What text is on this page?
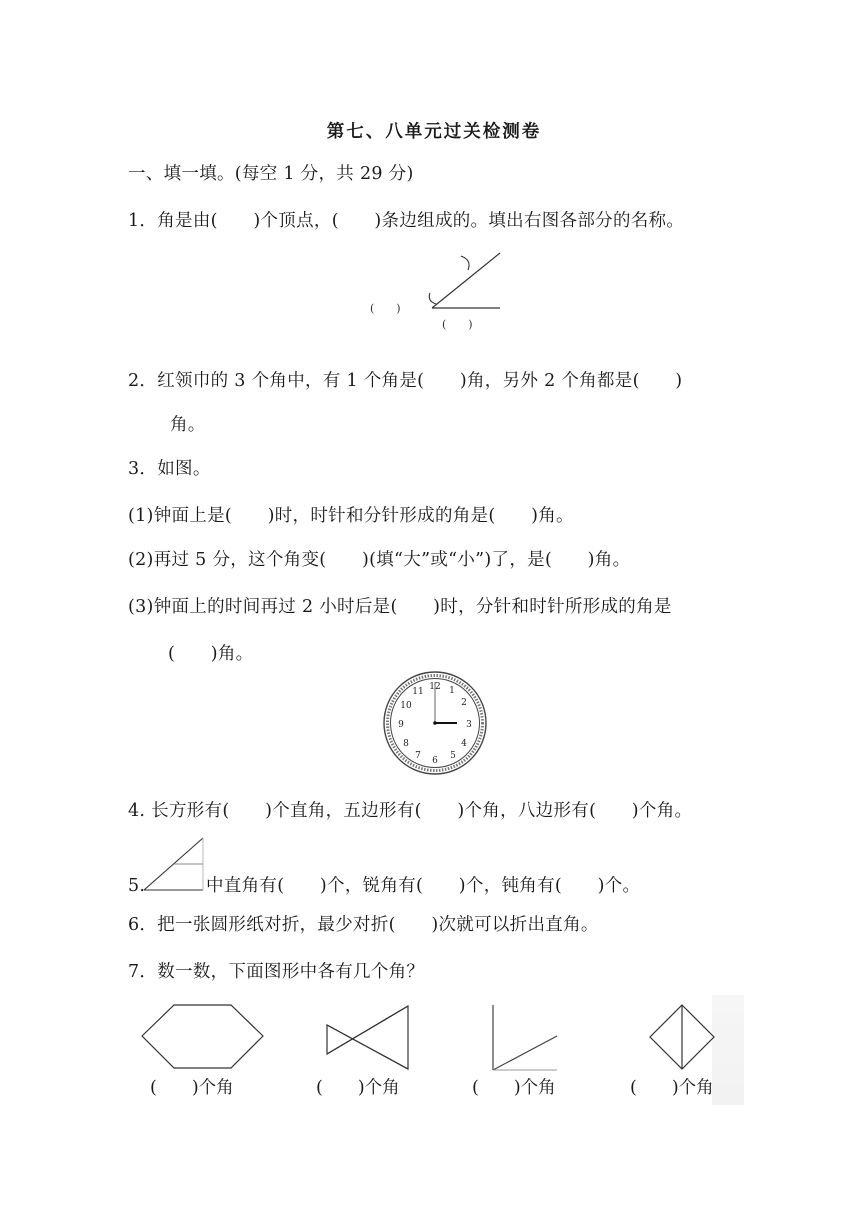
第七、八单元过关检测卷
一、填一填。(每空 1 分，共 29 分)
1．角是由(　　)个顶点，(　　)条边组成的。填出右图各部分的名称。
(　　)
(　　)
2．红领巾的 3 个角中，有 1 个角是(　　)角，另外 2 个角都是(　　)
角。
3．如图。
(1)钟面上是(　　)时，时针和分针形成的角是(　　)角。
(2)再过 5 分，这个角变(　　)(填“大”或“小”)了，是(　　)角。
(3)钟面上的时间再过 2 小时后是(　　)时，分针和时针所形成的角是
(　　)角。
12 1
2
3
4
5
6
7
8
9
10
11
4. 长方形有(　　)个直角，五边形有(　　)个角，八边形有(　　)个角。
5.	中直角有(　　)个，锐角有(　　)个，钝角有(　　)个。
6．把一张圆形纸对折，最少对折(　　)次就可以折出直角。
7．数一数，下面图形中各有几个角？
(　　)个角	(　　)个角	(　　)个角	(　　)个角
